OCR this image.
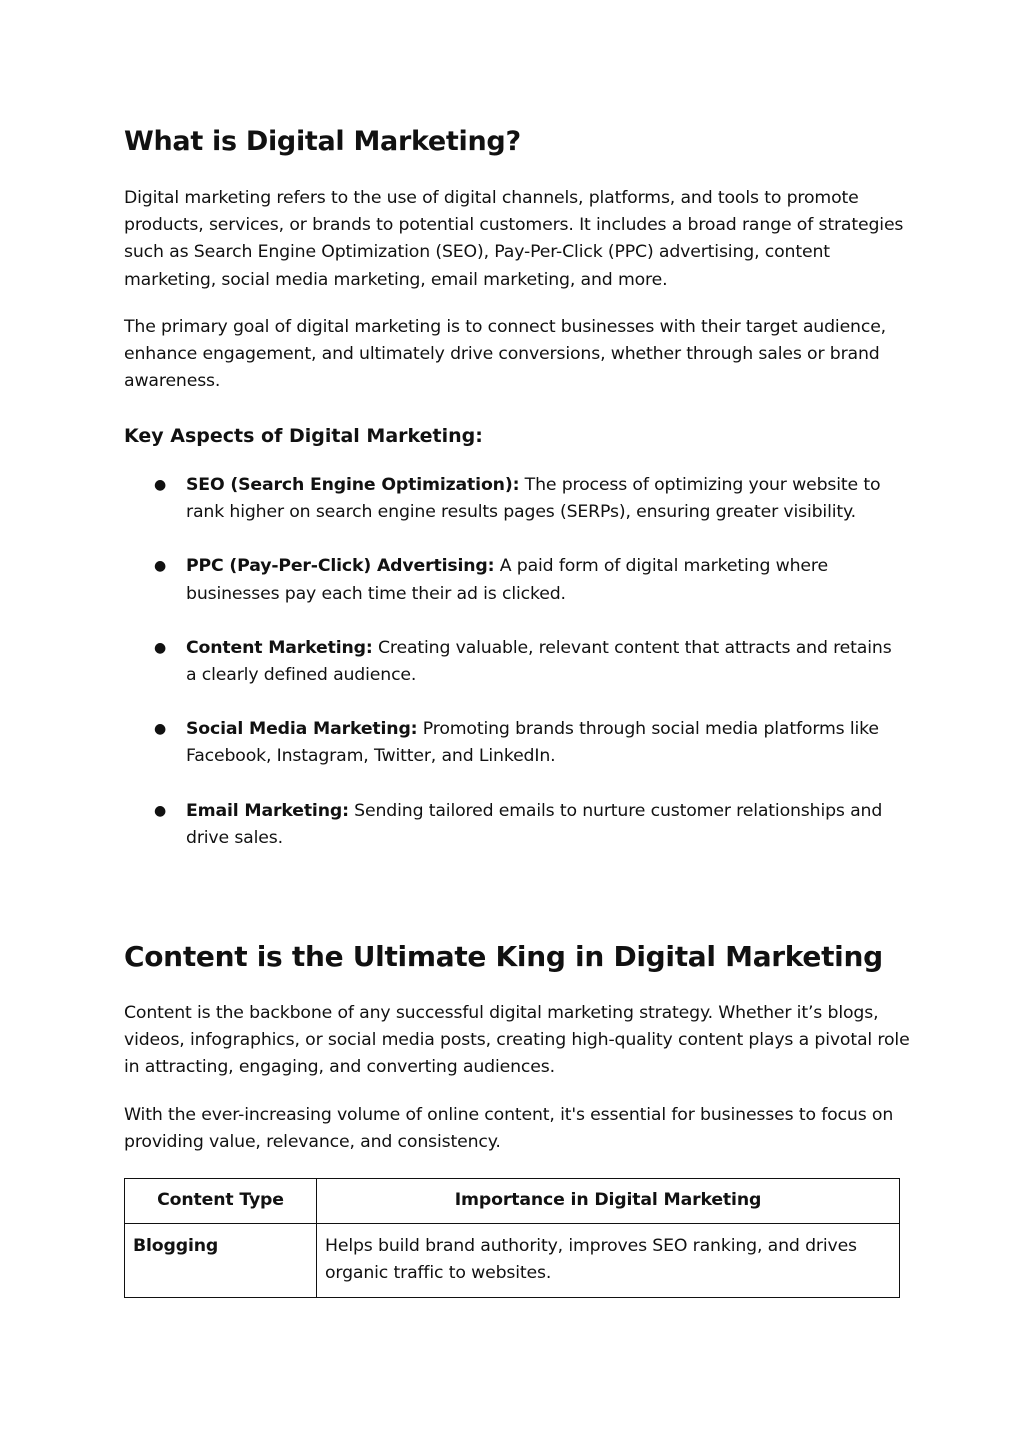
What is Digital Marketing?

Digital marketing refers to the use of digital channels, platforms, and tools to promote products, services, or brands to potential customers. It includes a broad range of strategies such as Search Engine Optimization (SEO), Pay-Per-Click (PPC) advertising, content marketing, social media marketing, email marketing, and more.

The primary goal of digital marketing is to connect businesses with their target audience, enhance engagement, and ultimately drive conversions, whether through sales or brand awareness.

Key Aspects of Digital Marketing:
● SEO (Search Engine Optimization): The process of optimizing your website to rank higher on search engine results pages (SERPs), ensuring greater visibility.
● PPC (Pay-Per-Click) Advertising: A paid form of digital marketing where businesses pay each time their ad is clicked.
● Content Marketing: Creating valuable, relevant content that attracts and retains a clearly defined audience.
● Social Media Marketing: Promoting brands through social media platforms like Facebook, Instagram, Twitter, and LinkedIn.
● Email Marketing: Sending tailored emails to nurture customer relationships and drive sales.
Content is the Ultimate King in Digital Marketing

Content is the backbone of any successful digital marketing strategy. Whether it’s blogs, videos, infographics, or social media posts, creating high-quality content plays a pivotal role in attracting, engaging, and converting audiences.

With the ever-increasing volume of online content, it's essential for businesses to focus on providing value, relevance, and consistency.

Content Type	Importance in Digital Marketing
Blogging	Helps build brand authority, improves SEO ranking, and drives organic traffic to websites.
